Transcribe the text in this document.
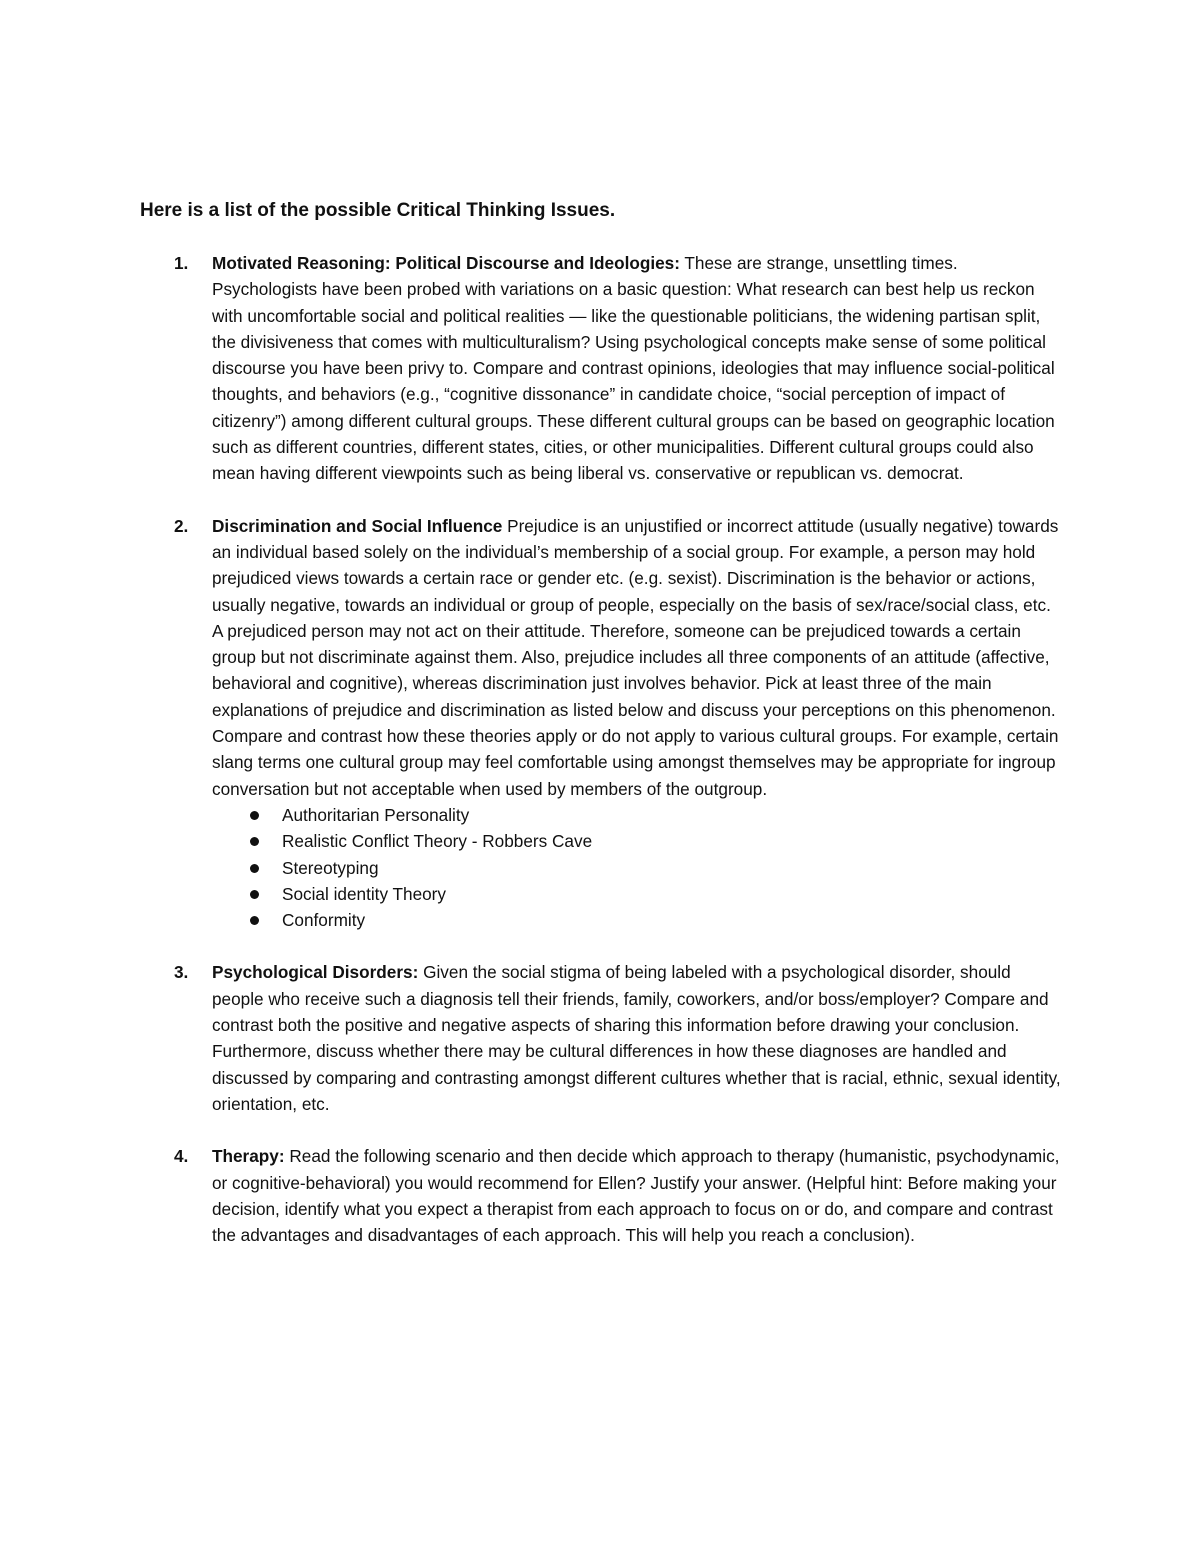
Here is a list of the possible Critical Thinking Issues.
1. Motivated Reasoning: Political Discourse and Ideologies: These are strange, unsettling times. Psychologists have been probed with variations on a basic question: What research can best help us reckon with uncomfortable social and political realities — like the questionable politicians, the widening partisan split, the divisiveness that comes with multiculturalism? Using psychological concepts make sense of some political discourse you have been privy to. Compare and contrast opinions, ideologies that may influence social-political thoughts, and behaviors (e.g., “cognitive dissonance” in candidate choice, “social perception of impact of citizenry”) among different cultural groups. These different cultural groups can be based on geographic location such as different countries, different states, cities, or other municipalities. Different cultural groups could also mean having different viewpoints such as being liberal vs. conservative or republican vs. democrat.
2. Discrimination and Social Influence Prejudice is an unjustified or incorrect attitude (usually negative) towards an individual based solely on the individual’s membership of a social group. For example, a person may hold prejudiced views towards a certain race or gender etc. (e.g. sexist). Discrimination is the behavior or actions, usually negative, towards an individual or group of people, especially on the basis of sex/race/social class, etc. A prejudiced person may not act on their attitude. Therefore, someone can be prejudiced towards a certain group but not discriminate against them. Also, prejudice includes all three components of an attitude (affective, behavioral and cognitive), whereas discrimination just involves behavior. Pick at least three of the main explanations of prejudice and discrimination as listed below and discuss your perceptions on this phenomenon. Compare and contrast how these theories apply or do not apply to various cultural groups. For example, certain slang terms one cultural group may feel comfortable using amongst themselves may be appropriate for ingroup conversation but not acceptable when used by members of the outgroup.
Authoritarian Personality
Realistic Conflict Theory - Robbers Cave
Stereotyping
Social identity Theory
Conformity
3. Psychological Disorders: Given the social stigma of being labeled with a psychological disorder, should people who receive such a diagnosis tell their friends, family, coworkers, and/or boss/employer? Compare and contrast both the positive and negative aspects of sharing this information before drawing your conclusion. Furthermore, discuss whether there may be cultural differences in how these diagnoses are handled and discussed by comparing and contrasting amongst different cultures whether that is racial, ethnic, sexual identity, orientation, etc.
4. Therapy: Read the following scenario and then decide which approach to therapy (humanistic, psychodynamic, or cognitive-behavioral) you would recommend for Ellen? Justify your answer. (Helpful hint: Before making your decision, identify what you expect a therapist from each approach to focus on or do, and compare and contrast the advantages and disadvantages of each approach. This will help you reach a conclusion).
